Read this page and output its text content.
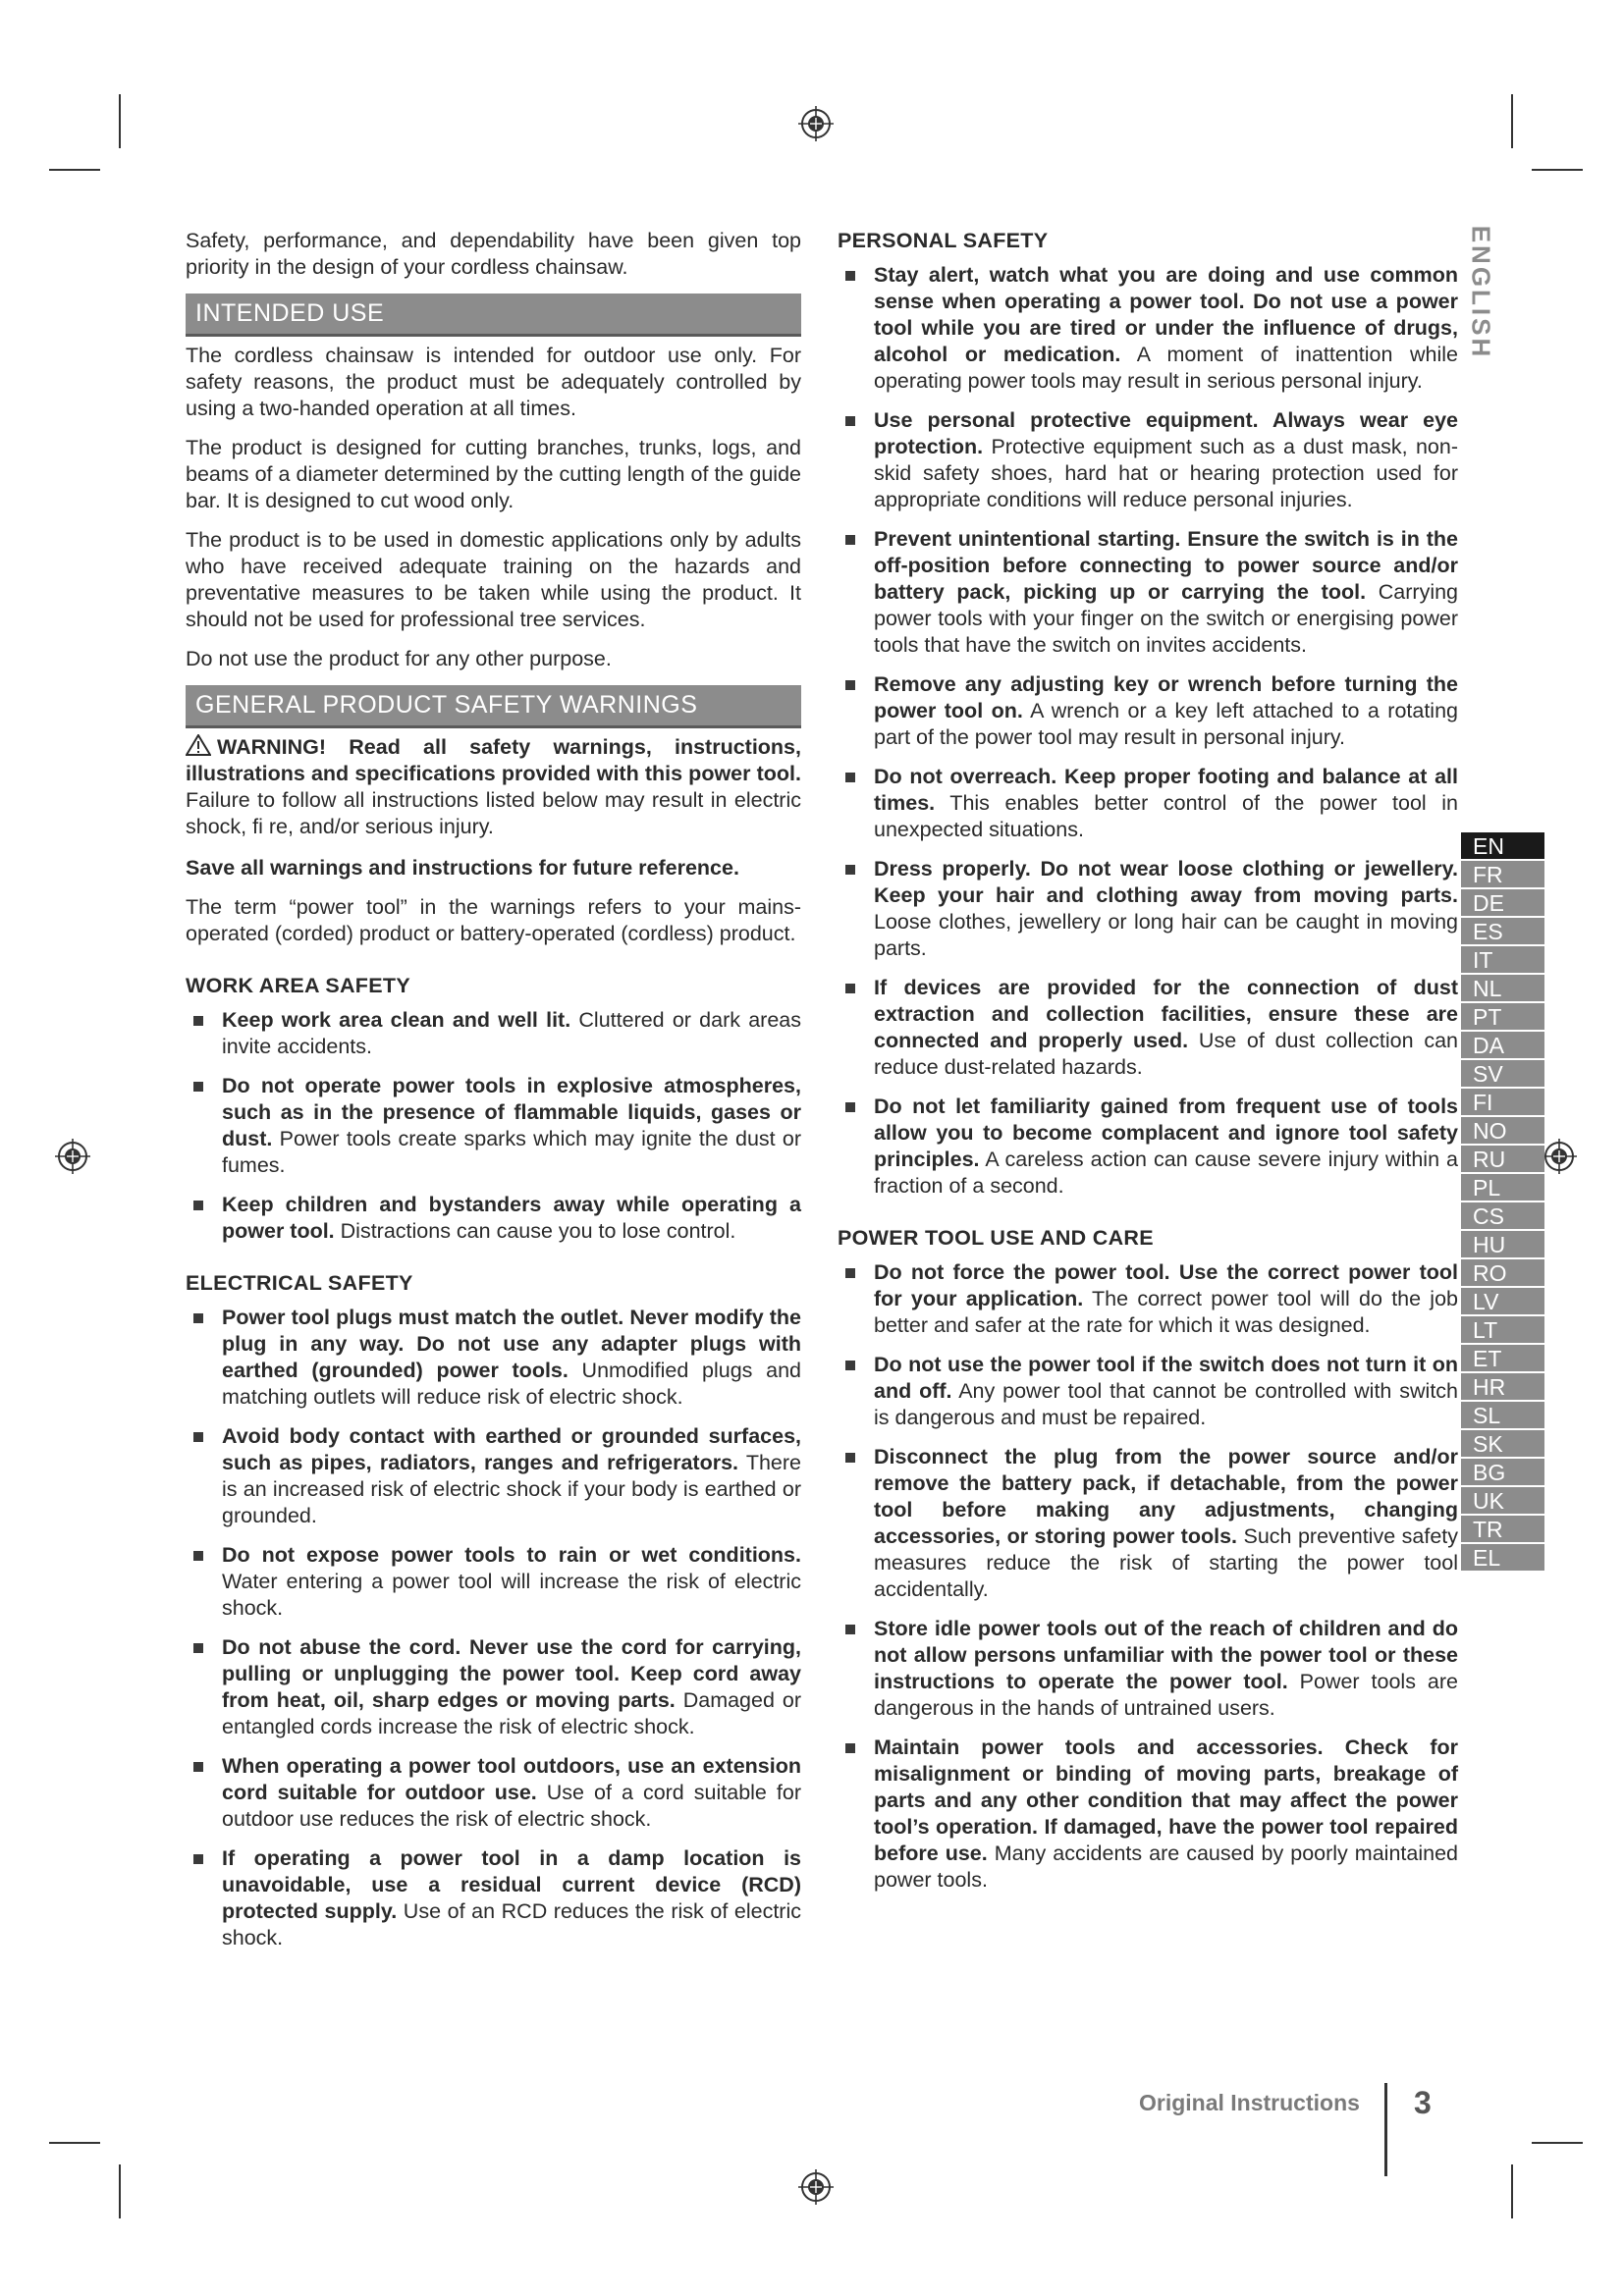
Safety, performance, and dependability have been given top priority in the design of your cordless chainsaw.

INTENDED USE

The cordless chainsaw is intended for outdoor use only. For safety reasons, the product must be adequately controlled by using a two-handed operation at all times.

The product is designed for cutting branches, trunks, logs, and beams of a diameter determined by the cutting length of the guide bar. It is designed to cut wood only.

The product is to be used in domestic applications only by adults who have received adequate training on the hazards and preventative measures to be taken while using the product. It should not be used for professional tree services.

Do not use the product for any other purpose.

GENERAL PRODUCT SAFETY WARNINGS
WARNING! Read all safety warnings, instructions, illustrations and specifications provided with this power tool. Failure to follow all instructions listed below may result in electric shock, fi re, and/or serious injury.

Save all warnings and instructions for future reference.

The term “power tool” in the warnings refers to your mains-operated (corded) product or battery-operated (cordless) product.

WORK AREA SAFETY
Keep work area clean and well lit. Cluttered or dark areas invite accidents.
Do not operate power tools in explosive atmospheres, such as in the presence of flammable liquids, gases or dust. Power tools create sparks which may ignite the dust or fumes.
Keep children and bystanders away while operating a power tool. Distractions can cause you to lose control.
ELECTRICAL SAFETY
Power tool plugs must match the outlet. Never modify the plug in any way. Do not use any adapter plugs with earthed (grounded) power tools. Unmodified plugs and matching outlets will reduce risk of electric shock.
Avoid body contact with earthed or grounded surfaces, such as pipes, radiators, ranges and refrigerators. There is an increased risk of electric shock if your body is earthed or grounded.
Do not expose power tools to rain or wet conditions. Water entering a power tool will increase the risk of electric shock.
Do not abuse the cord. Never use the cord for carrying, pulling or unplugging the power tool. Keep cord away from heat, oil, sharp edges or moving parts. Damaged or entangled cords increase the risk of electric shock.
When operating a power tool outdoors, use an extension cord suitable for outdoor use. Use of a cord suitable for outdoor use reduces the risk of electric shock.
If operating a power tool in a damp location is unavoidable, use a residual current device (RCD) protected supply. Use of an RCD reduces the risk of electric shock.
PERSONAL SAFETY
Stay alert, watch what you are doing and use common sense when operating a power tool. Do not use a power tool while you are tired or under the influence of drugs, alcohol or medication. A moment of inattention while operating power tools may result in serious personal injury.
Use personal protective equipment. Always wear eye protection. Protective equipment such as a dust mask, non-skid safety shoes, hard hat or hearing protection used for appropriate conditions will reduce personal injuries.
Prevent unintentional starting. Ensure the switch is in the off-position before connecting to power source and/or battery pack, picking up or carrying the tool. Carrying power tools with your finger on the switch or energising power tools that have the switch on invites accidents.
Remove any adjusting key or wrench before turning the power tool on. A wrench or a key left attached to a rotating part of the power tool may result in personal injury.
Do not overreach. Keep proper footing and balance at all times. This enables better control of the power tool in unexpected situations.
Dress properly. Do not wear loose clothing or jewellery. Keep your hair and clothing away from moving parts. Loose clothes, jewellery or long hair can be caught in moving parts.
If devices are provided for the connection of dust extraction and collection facilities, ensure these are connected and properly used. Use of dust collection can reduce dust-related hazards.
Do not let familiarity gained from frequent use of tools allow you to become complacent and ignore tool safety principles. A careless action can cause severe injury within a fraction of a second.
POWER TOOL USE AND CARE
Do not force the power tool. Use the correct power tool for your application. The correct power tool will do the job better and safer at the rate for which it was designed.
Do not use the power tool if the switch does not turn it on and off. Any power tool that cannot be controlled with switch is dangerous and must be repaired.
Disconnect the plug from the power source and/or remove the battery pack, if detachable, from the power tool before making any adjustments, changing accessories, or storing power tools. Such preventive safety measures reduce the risk of starting the power tool accidentally.
Store idle power tools out of the reach of children and do not allow persons unfamiliar with the power tool or these instructions to operate the power tool. Power tools are dangerous in the hands of untrained users.
Maintain power tools and accessories. Check for misalignment or binding of moving parts, breakage of parts and any other condition that may affect the power tool’s operation. If damaged, have the power tool repaired before use. Many accidents are caused by poorly maintained power tools.
ENGLISH
EN
FR
DE
ES
IT
NL
PT
DA
SV
FI
NO
RU
PL
CS
HU
RO
LV
LT
ET
HR
SL
SK
BG
UK
TR
EL
Original Instructions 3
